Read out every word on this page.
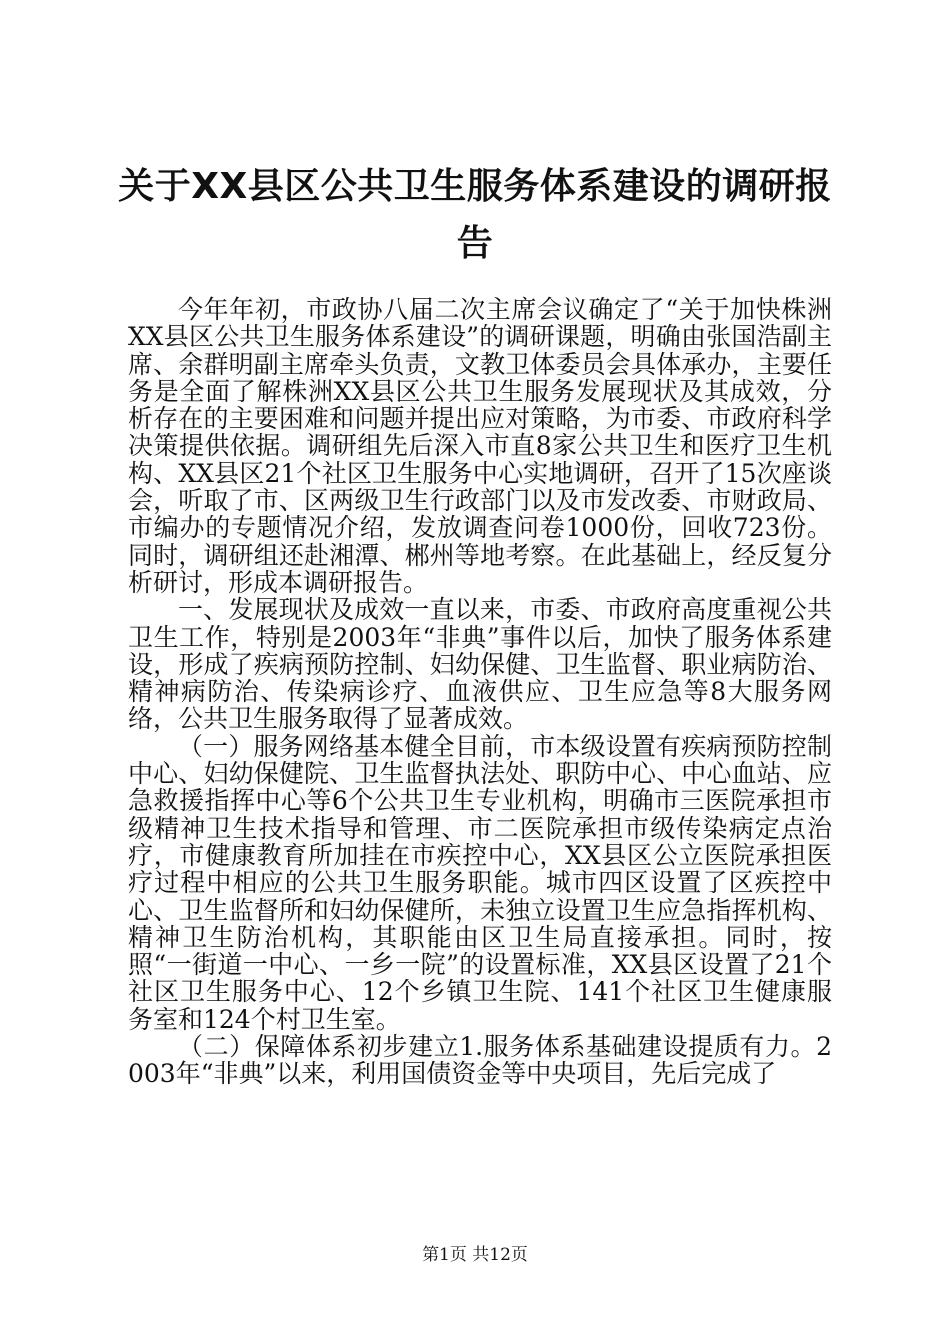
关于XX县区公共卫生服务体系建设的调研报告

今年年初，市政协八届二次主席会议确定了“关于加快株洲XX县区公共卫生服务体系建设”的调研课题，明确由张国浩副主席、余群明副主席牵头负责，文教卫体委员会具体承办，主要任务是全面了解株洲XX县区公共卫生服务发展现状及其成效，分析存在的主要困难和问题并提出应对策略，为市委、市政府科学决策提供依据。调研组先后深入市直8家公共卫生和医疗卫生机构、XX县区21个社区卫生服务中心实地调研，召开了15次座谈会，听取了市、区两级卫生行政部门以及市发改委、市财政局、市编办的专题情况介绍，发放调查问卷1000份，回收723份。同时，调研组还赴湘潭、郴州等地考察。在此基础上，经反复分析研讨，形成本调研报告。

一、发展现状及成效一直以来，市委、市政府高度重视公共卫生工作，特别是2003年“非典”事件以后，加快了服务体系建设，形成了疾病预防控制、妇幼保健、卫生监督、职业病防治、精神病防治、传染病诊疗、血液供应、卫生应急等8大服务网络，公共卫生服务取得了显著成效。

（一）服务网络基本健全目前，市本级设置有疾病预防控制中心、妇幼保健院、卫生监督执法处、职防中心、中心血站、应急救援指挥中心等6个公共卫生专业机构，明确市三医院承担市级精神卫生技术指导和管理、市二医院承担市级传染病定点治疗，市健康教育所加挂在市疾控中心，XX县区公立医院承担医疗过程中相应的公共卫生服务职能。城市四区设置了区疾控中心、卫生监督所和妇幼保健所，未独立设置卫生应急指挥机构、精神卫生防治机构，其职能由区卫生局直接承担。同时，按照“一街道一中心、一乡一院”的设置标准，XX县区设置了21个社区卫生服务中心、12个乡镇卫生院、141个社区卫生健康服务室和124个村卫生室。

（二）保障体系初步建立1.服务体系基础建设提质有力。2003年“非典”以来，利用国债资金等中央项目，先后完成了

第1页 共12页
